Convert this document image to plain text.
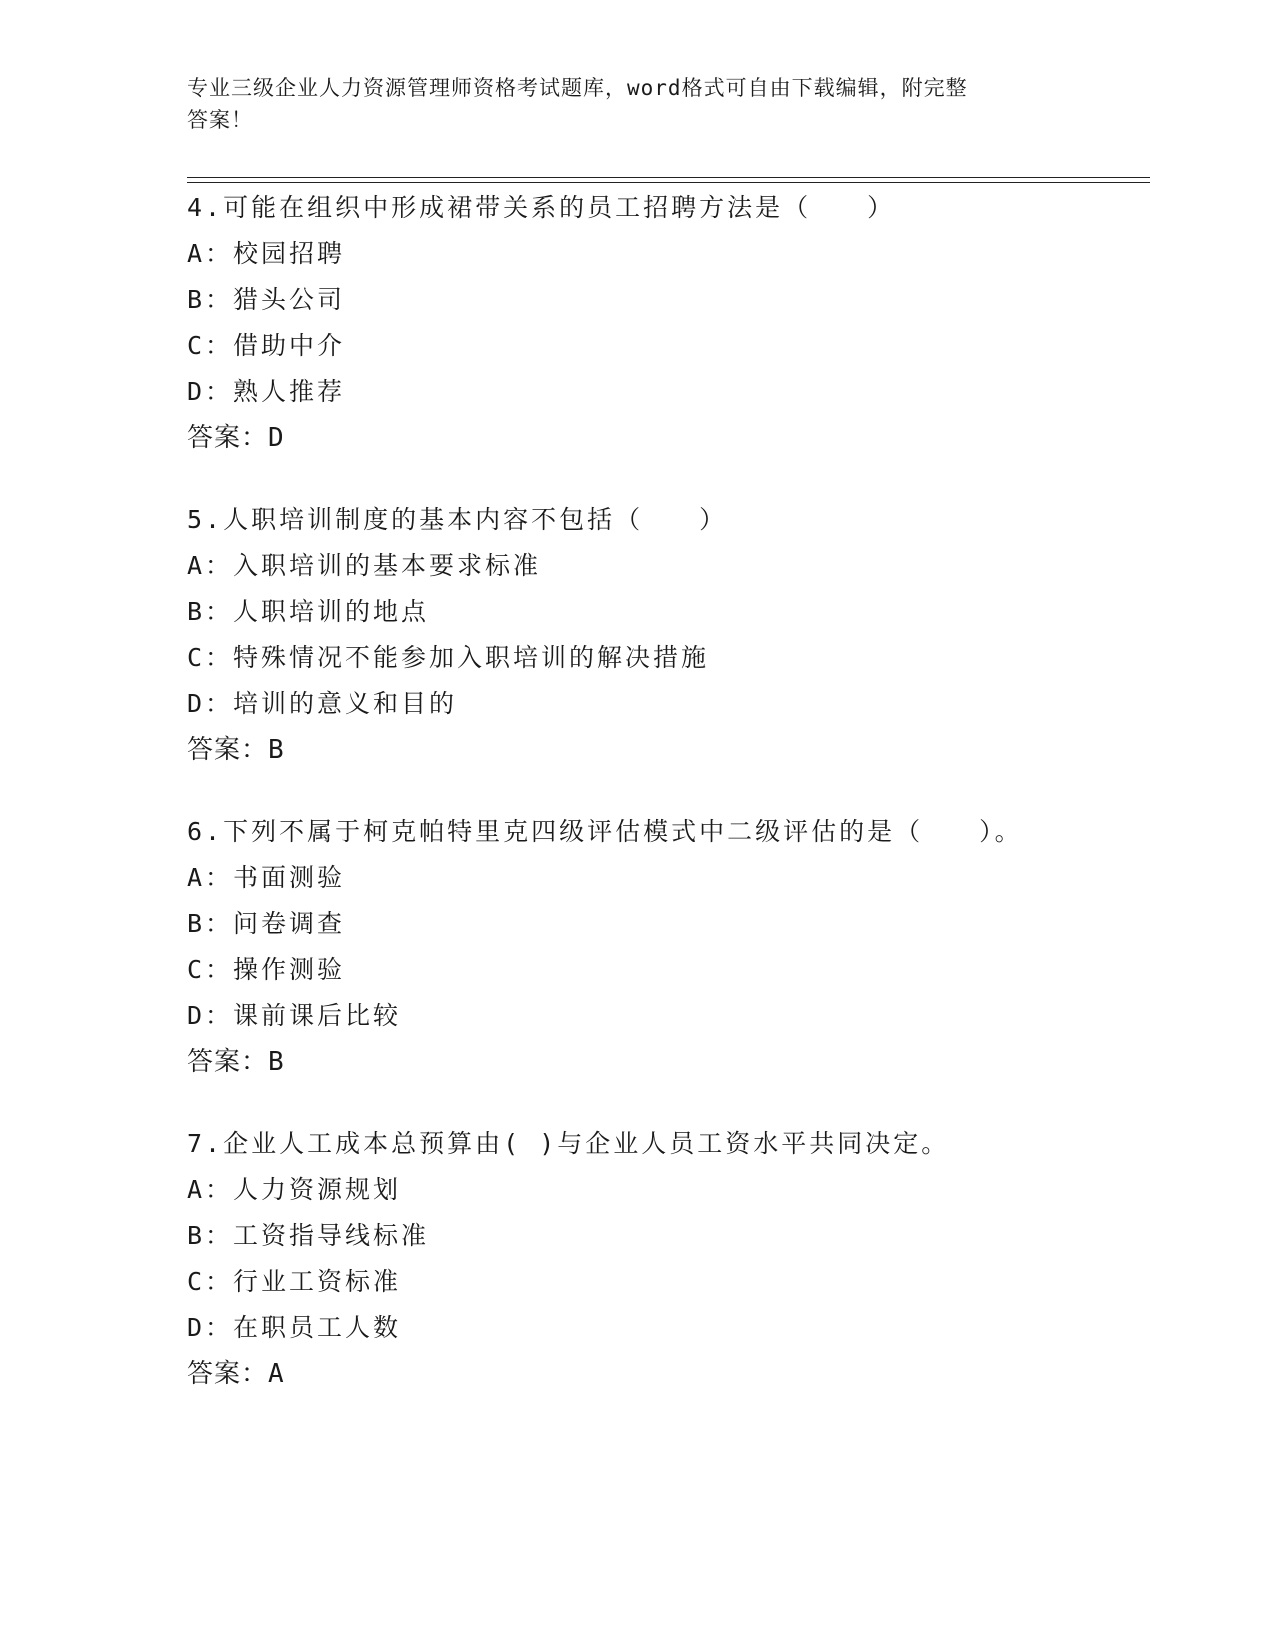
专业三级企业人力资源管理师资格考试题库，word格式可自由下载编辑，附完整
答案！
4.可能在组织中形成裙带关系的员工招聘方法是（　　）
A：校园招聘
B：猎头公司
C：借助中介
D：熟人推荐
答案：D
5.人职培训制度的基本内容不包括（　　）
A：入职培训的基本要求标准
B：人职培训的地点
C：特殊情况不能参加入职培训的解决措施
D：培训的意义和目的
答案：B
6.下列不属于柯克帕特里克四级评估模式中二级评估的是（　　）。
A：书面测验
B：问卷调查
C：操作测验
D：课前课后比较
答案：B
7.企业人工成本总预算由( )与企业人员工资水平共同决定。
A：人力资源规划
B：工资指导线标准
C：行业工资标准
D：在职员工人数
答案：A
